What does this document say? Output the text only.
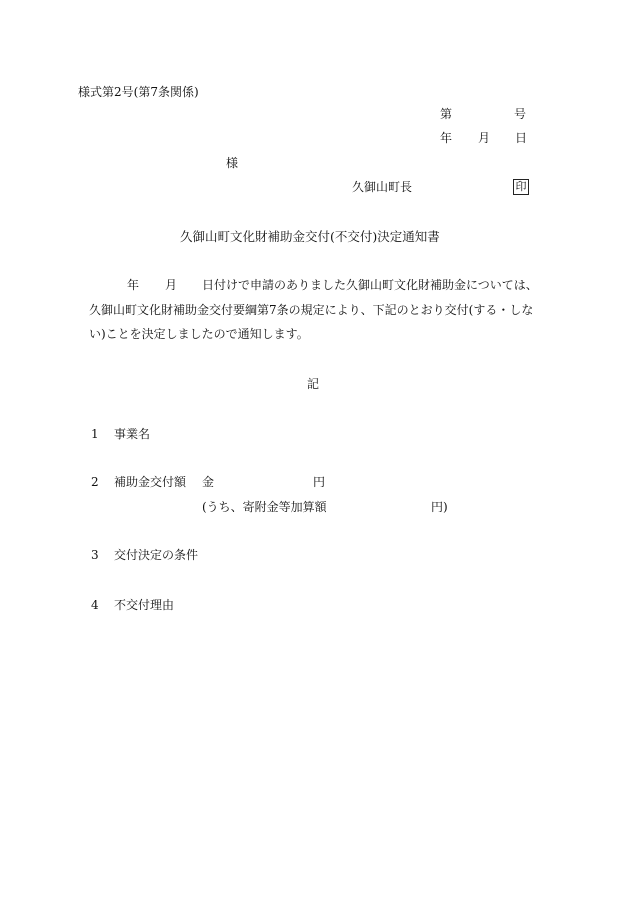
様式第2号(第7条関係)
第	号
年 月 日
様
久御山町長	印
久御山町文化財補助金交付(不交付)決定通知書
年 月 日付けで申請のありました久御山町文化財補助金については、
久御山町文化財補助金交付要綱第7条の規定により、下記のとおり交付(する・しな
い)ことを決定しましたので通知します。
記
1 事業名
2 補助金交付額 金	円
(うち、寄附金等加算額	円)
3 交付決定の条件
4 不交付理由
